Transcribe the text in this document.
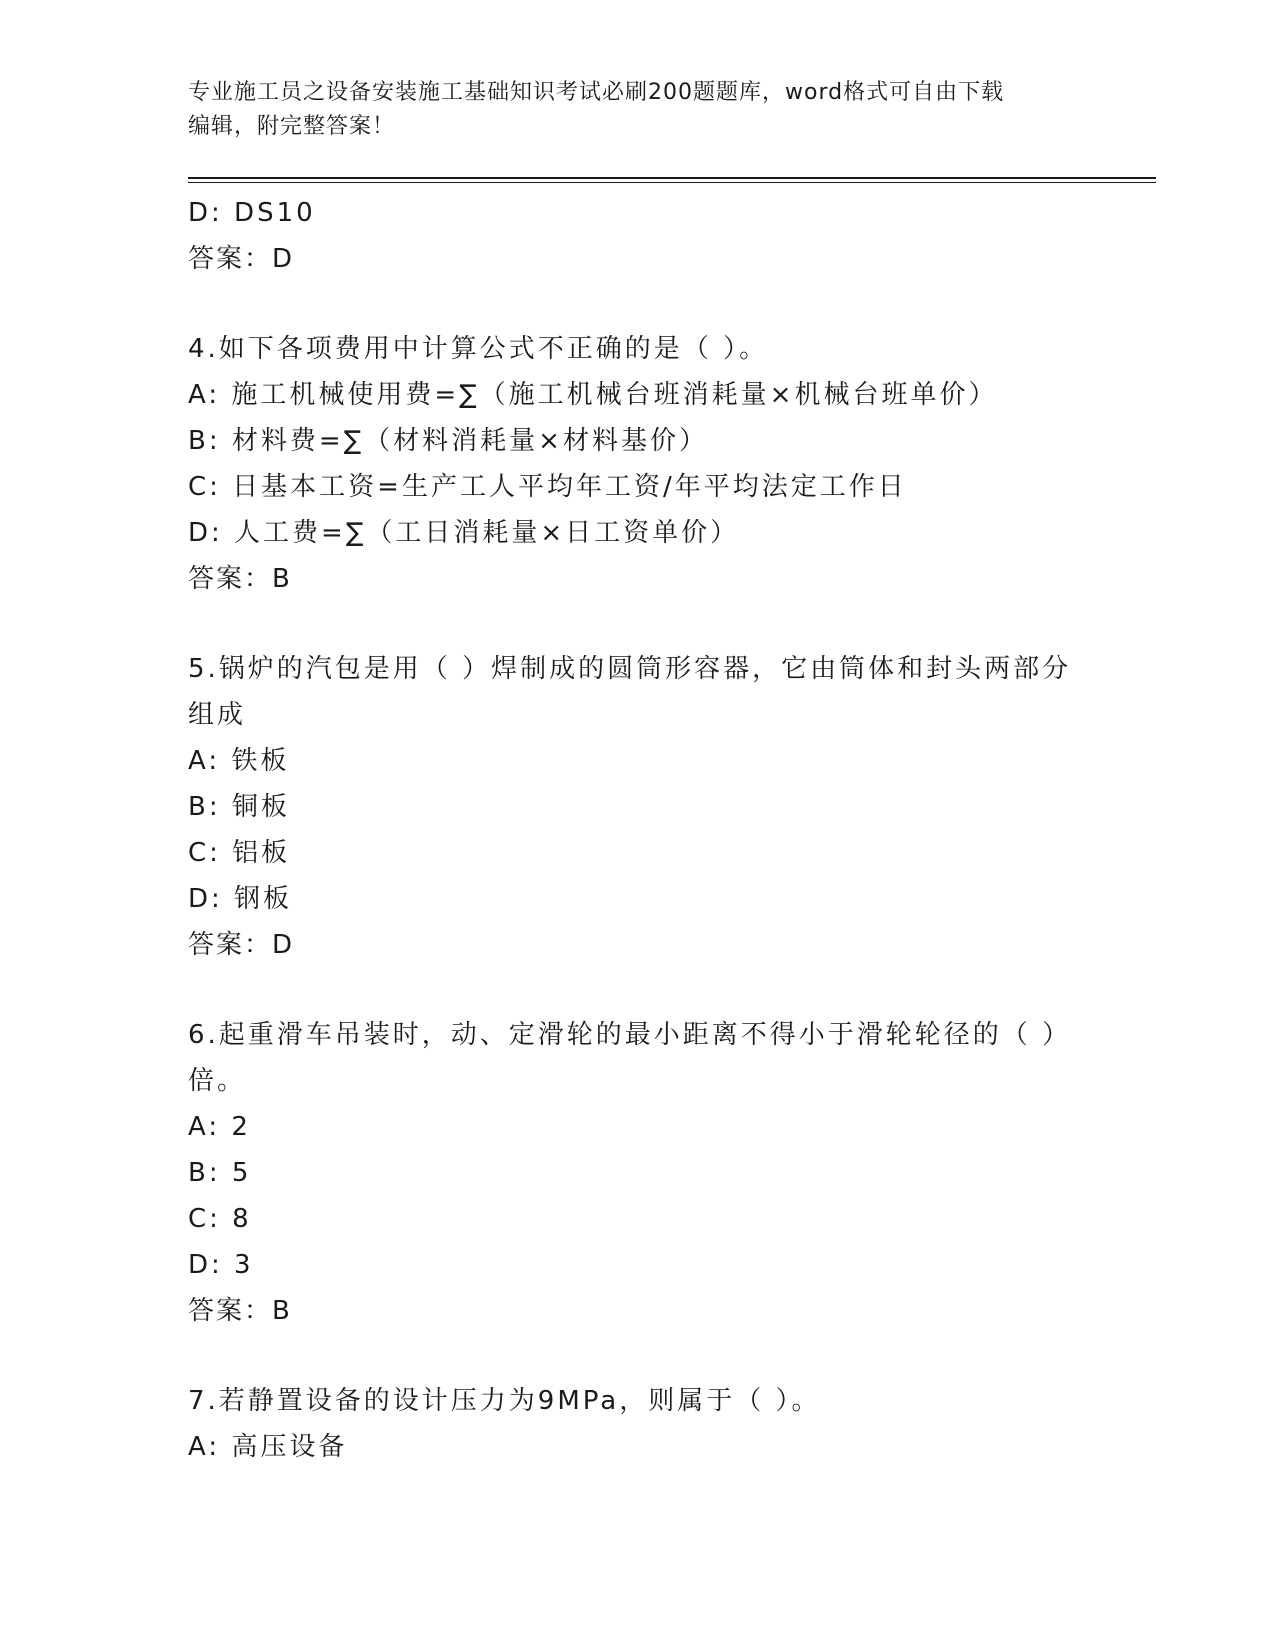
专业施工员之设备安装施工基础知识考试必刷200题题库，word格式可自由下载
编辑，附完整答案！
D: DS10
答案：D
4.如下各项费用中计算公式不正确的是（ ）。
A: 施工机械使用费=∑（施工机械台班消耗量×机械台班单价）
B: 材料费=∑（材料消耗量×材料基价）
C: 日基本工资=生产工人平均年工资/年平均法定工作日
D: 人工费=∑（工日消耗量×日工资单价）
答案：B
5.锅炉的汽包是用（ ）焊制成的圆筒形容器，它由筒体和封头两部分
组成
A: 铁板
B: 铜板
C: 铝板
D: 钢板
答案：D
6.起重滑车吊装时，动、定滑轮的最小距离不得小于滑轮轮径的（ ）
倍。
A: 2
B: 5
C: 8
D: 3
答案：B
7.若静置设备的设计压力为9MPa，则属于（ ）。
A: 高压设备
